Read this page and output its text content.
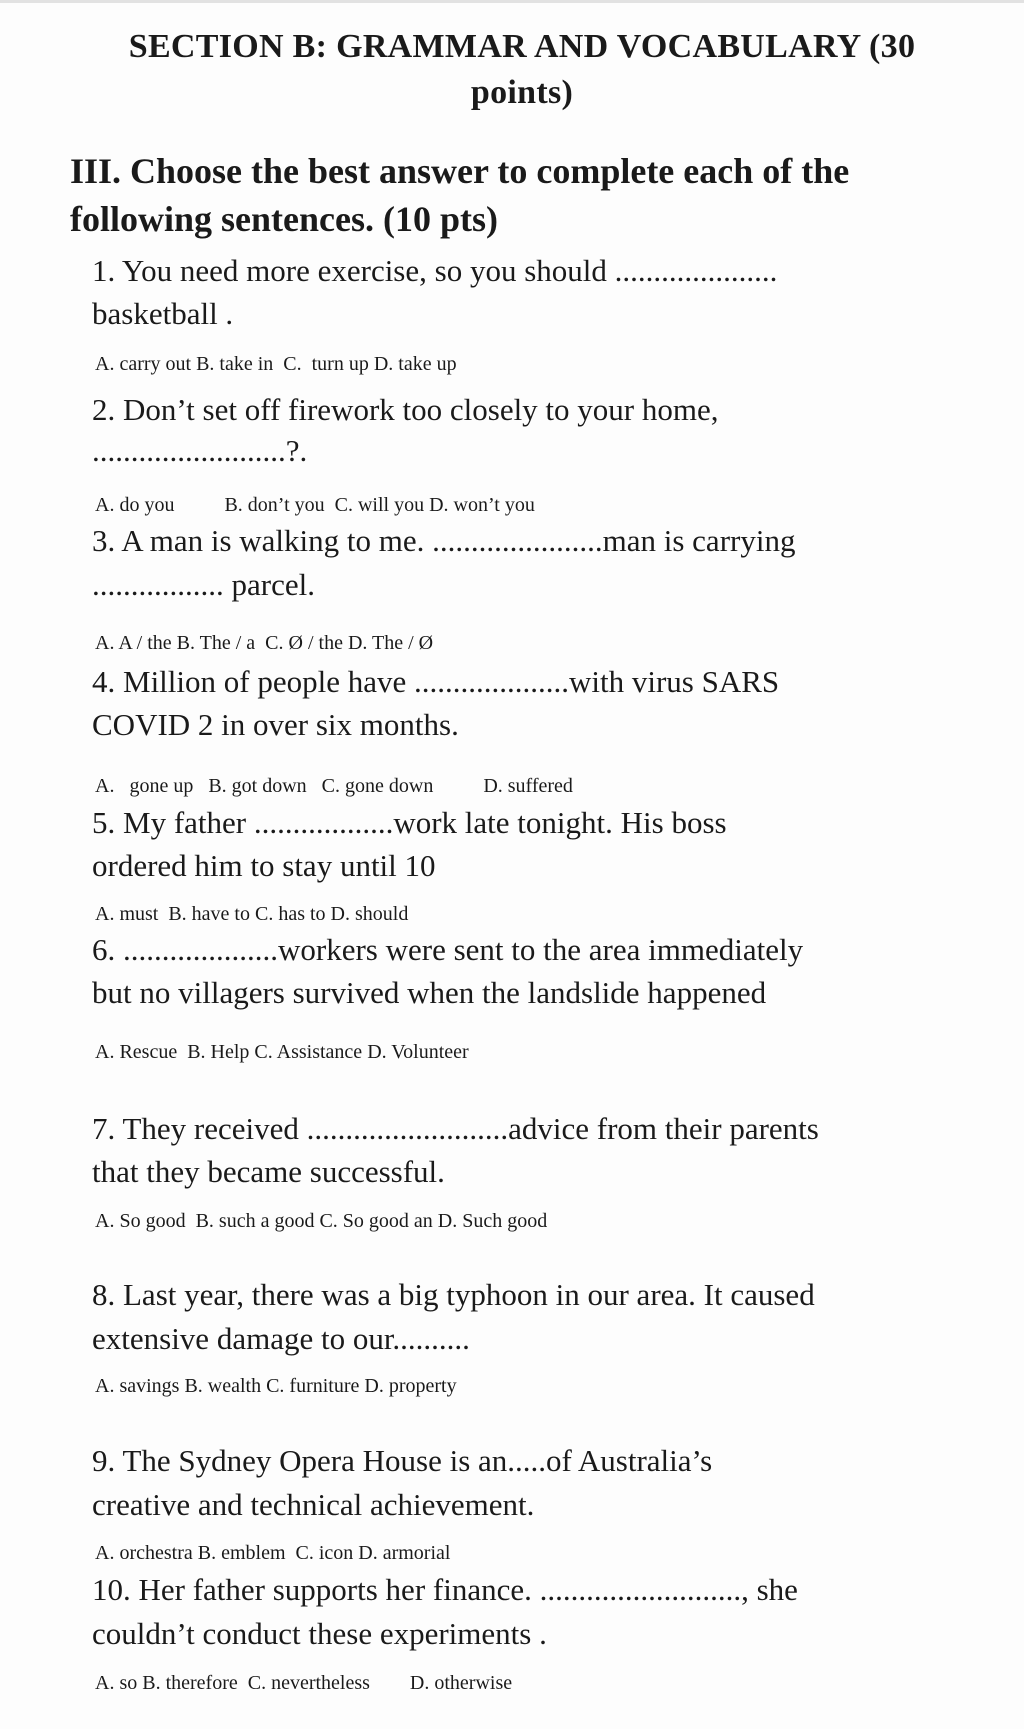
SECTION B: GRAMMAR AND VOCABULARY (30

points)

III. Choose the best answer to complete each of the

following sentences. (10 pts)

1. You need more exercise, so you should .....................

basketball .

A. carry out B. take in  C.  turn up D. take up

2. Don’t set off firework too closely to your home,

.........................?.

A. do you          B. don’t you  C. will you D. won’t you

3. A man is walking to me. ......................man is carrying

................. parcel.

A. A / the B. The / a  C. Ø / the D. The / Ø

4. Million of people have ....................with virus SARS

COVID 2 in over six months.

A.   gone up   B. got down   C. gone down          D. suffered

5. My father ..................work late tonight. His boss

ordered him to stay until 10

A. must  B. have to C. has to D. should

6. ....................workers were sent to the area immediately

but no villagers survived when the landslide happened

A. Rescue  B. Help C. Assistance D. Volunteer

7. They received ..........................advice from their parents

that they became successful.

A. So good  B. such a good C. So good an D. Such good

8. Last year, there was a big typhoon in our area. It caused

extensive damage to our..........

A. savings B. wealth C. furniture D. property

9. The Sydney Opera House is an.....of Australia’s

creative and technical achievement.

A. orchestra B. emblem  C. icon D. armorial

10. Her father supports her finance. .........................., she

couldn’t conduct these experiments .

A. so B. therefore  C. nevertheless        D. otherwise
